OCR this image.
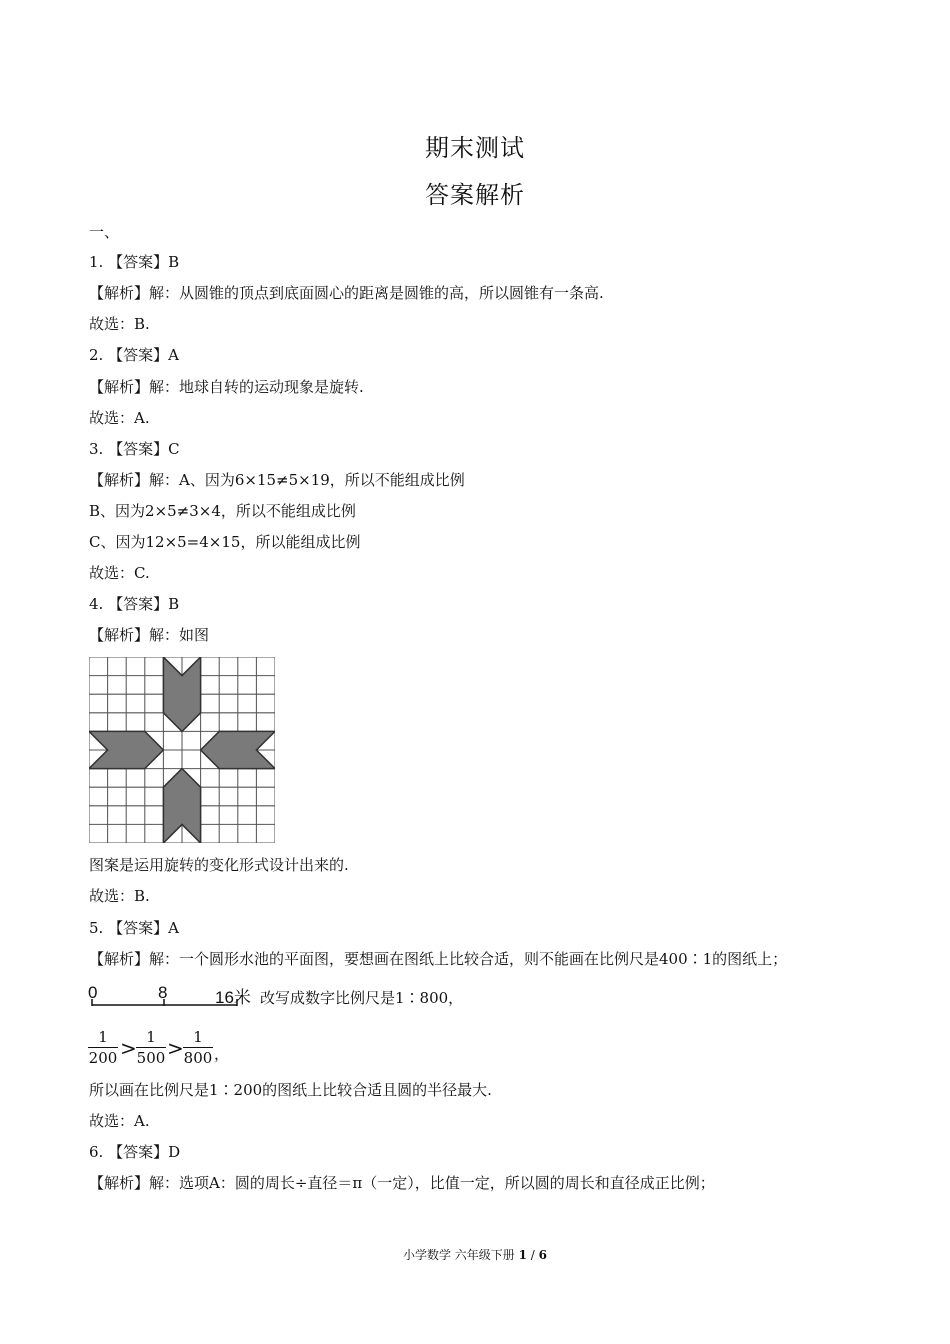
期末测试
答案解析
一、
1. 【答案】B
【解析】解：从圆锥的顶点到底面圆心的距离是圆锥的高，所以圆锥有一条高.
故选：B.
2. 【答案】A
【解析】解：地球自转的运动现象是旋转.
故选：A.
3. 【答案】C
【解析】解：A、因为6×15≠5×19，所以不能组成比例
B、因为2×5≠3×4，所以不能组成比例
C、因为12×5=4×15，所以能组成比例
故选：C.
4. 【答案】B
【解析】解：如图
图案是运用旋转的变化形式设计出来的.
故选：B.
5. 【答案】A
【解析】解：一个圆形水池的平面图，要想画在图纸上比较合适，则不能画在比例尺是400∶1的图纸上；
0	8	16米 改写成数字比例尺是1∶800，
1
200 > 1
500 > 1
800 ，
所以画在比例尺是1∶200的图纸上比较合适且圆的半径最大.
故选：A.
6. 【答案】D
【解析】解：选项A：圆的周长÷直径＝π（一定），比值一定，所以圆的周长和直径成正比例；
小学数学 六年级下册 1 / 6
